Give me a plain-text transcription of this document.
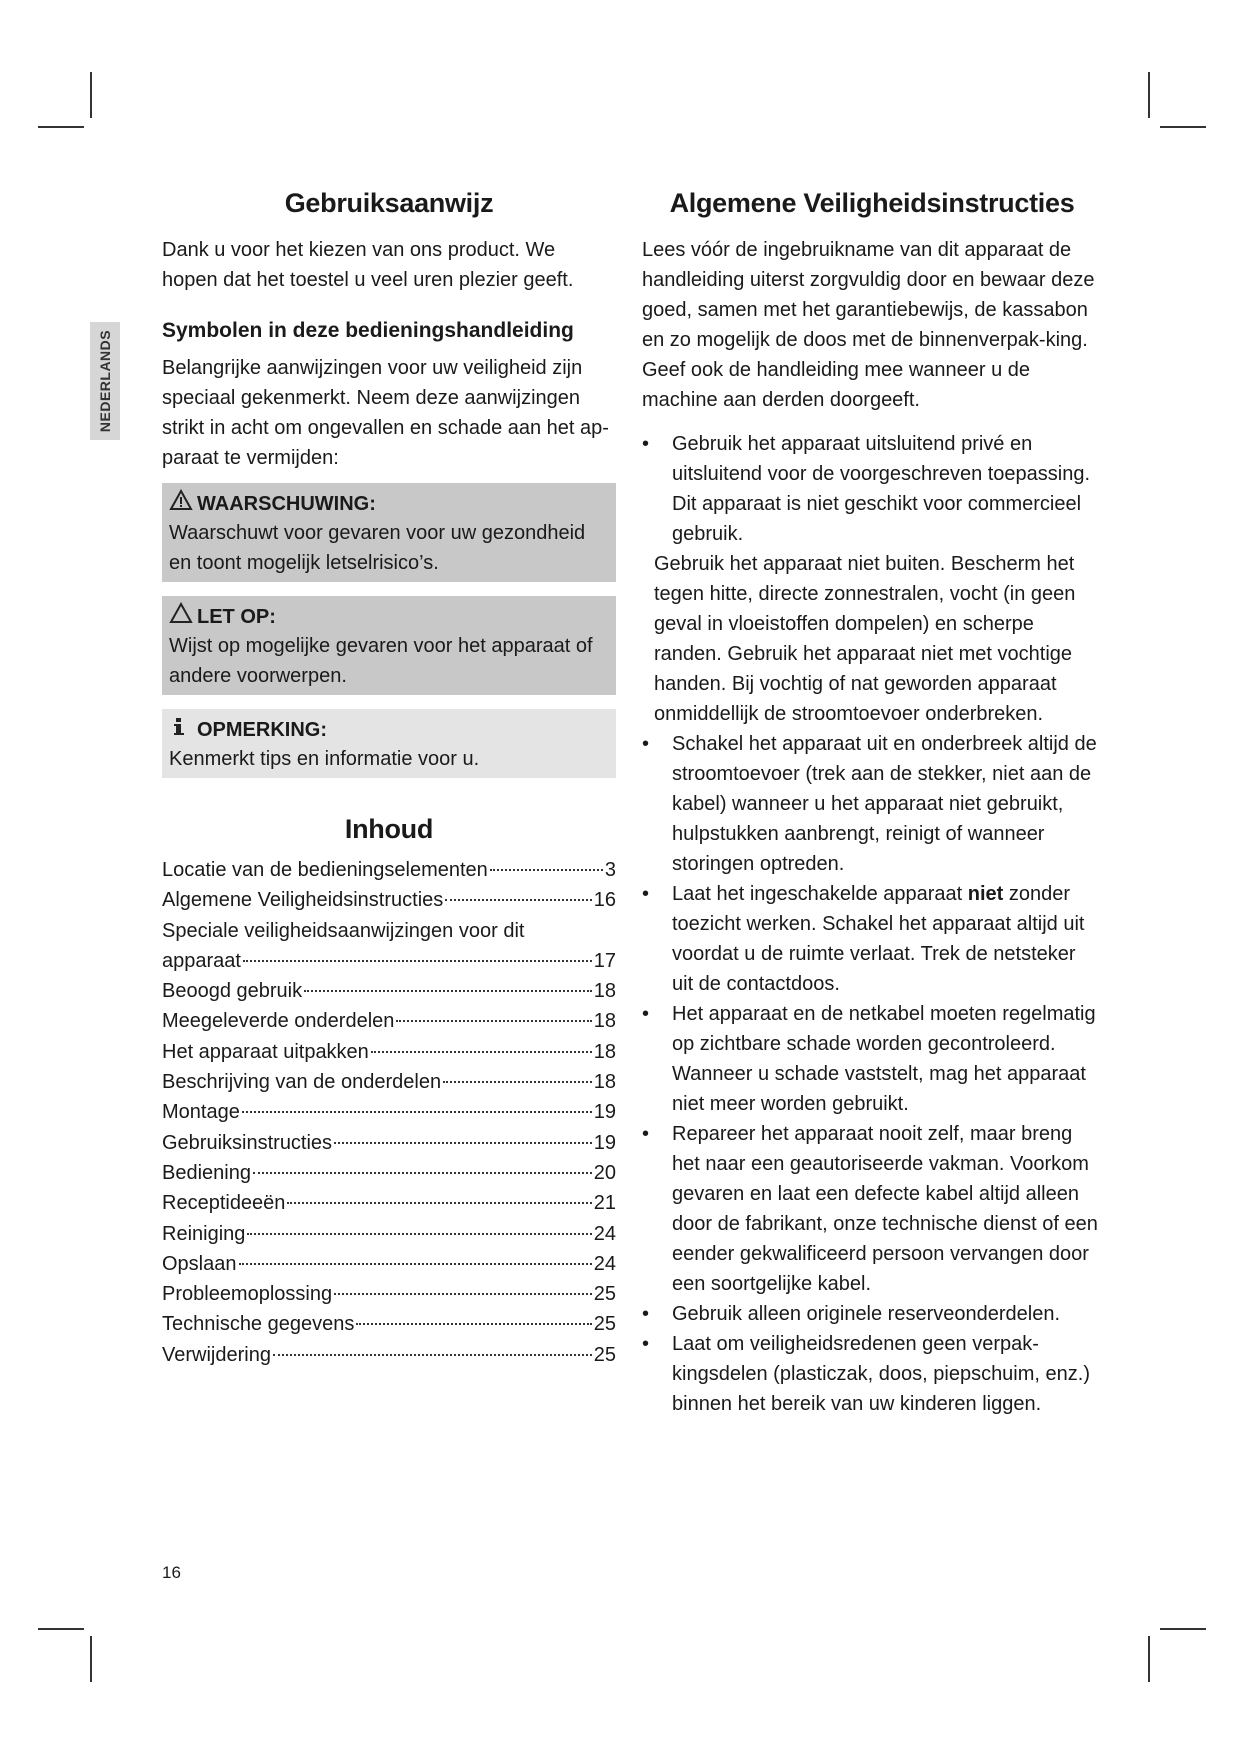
NEDERLANDS
Gebruiksaanwijz

Dank u voor het kiezen van ons product. We hopen dat het toestel u veel uren plezier geeft.

Symbolen in deze bedieningshandleiding

Belangrijke aanwijzingen voor uw veiligheid zijn speciaal gekenmerkt. Neem deze aanwijzingen strikt in acht om ongevallen en schade aan het ap-paraat te vermijden:

WAARSCHUWING:
Waarschuwt voor gevaren voor uw gezondheid en toont mogelijk letselrisico’s.
LET OP:
Wijst op mogelijke gevaren voor het apparaat of andere voorwerpen.
OPMERKING:
Kenmerkt tips en informatie voor u.
Inhoud
Locatie van de bedieningselementen	3
Algemene Veiligheidsinstructies	16
Speciale veiligheidsaanwijzingen voor dit
apparaat	17
Beoogd gebruik	18
Meegeleverde onderdelen	18
Het apparaat uitpakken	18
Beschrijving van de onderdelen	18
Montage	19
Gebruiksinstructies	19
Bediening	20
Receptideeën	21
Reiniging	24
Opslaan	24
Probleemoplossing	25
Technische gegevens	25
Verwijdering	25
Algemene Veiligheidsinstructies

Lees vóór de ingebruikname van dit apparaat de handleiding uiterst zorgvuldig door en bewaar deze goed, samen met het garantiebewijs, de kassabon en zo mogelijk de doos met de binnenverpak-king. Geef ook de handleiding mee wanneer u de machine aan derden doorgeeft.

• Gebruik het apparaat uitsluitend privé en uitsluitend voor de voorgeschreven toepassing. Dit apparaat is niet geschikt voor commercieel gebruik.
Gebruik het apparaat niet buiten. Bescherm het tegen hitte, directe zonnestralen, vocht (in geen geval in vloeistoffen dompelen) en scherpe randen. Gebruik het apparaat niet met vochtige handen. Bij vochtig of nat geworden apparaat onmiddellijk de stroomtoevoer onderbreken.
• Schakel het apparaat uit en onderbreek altijd de stroomtoevoer (trek aan de stekker, niet aan de kabel) wanneer u het apparaat niet gebruikt, hulpstukken aanbrengt, reinigt of wanneer storingen optreden.
• Laat het ingeschakelde apparaat niet zonder toezicht werken. Schakel het apparaat altijd uit voordat u de ruimte verlaat. Trek de netsteker uit de contactdoos.
• Het apparaat en de netkabel moeten regelmatig op zichtbare schade worden gecontroleerd. Wanneer u schade vaststelt, mag het apparaat niet meer worden gebruikt.
• Repareer het apparaat nooit zelf, maar breng het naar een geautoriseerde vakman. Voorkom gevaren en laat een defecte kabel altijd alleen door de fabrikant, onze technische dienst of een eender gekwalificeerd persoon vervangen door een soortgelijke kabel.
• Gebruik alleen originele reserveonderdelen.
• Laat om veiligheidsredenen geen verpak-kingsdelen (plasticzak, doos, piepschuim, enz.) binnen het bereik van uw kinderen liggen.
16
